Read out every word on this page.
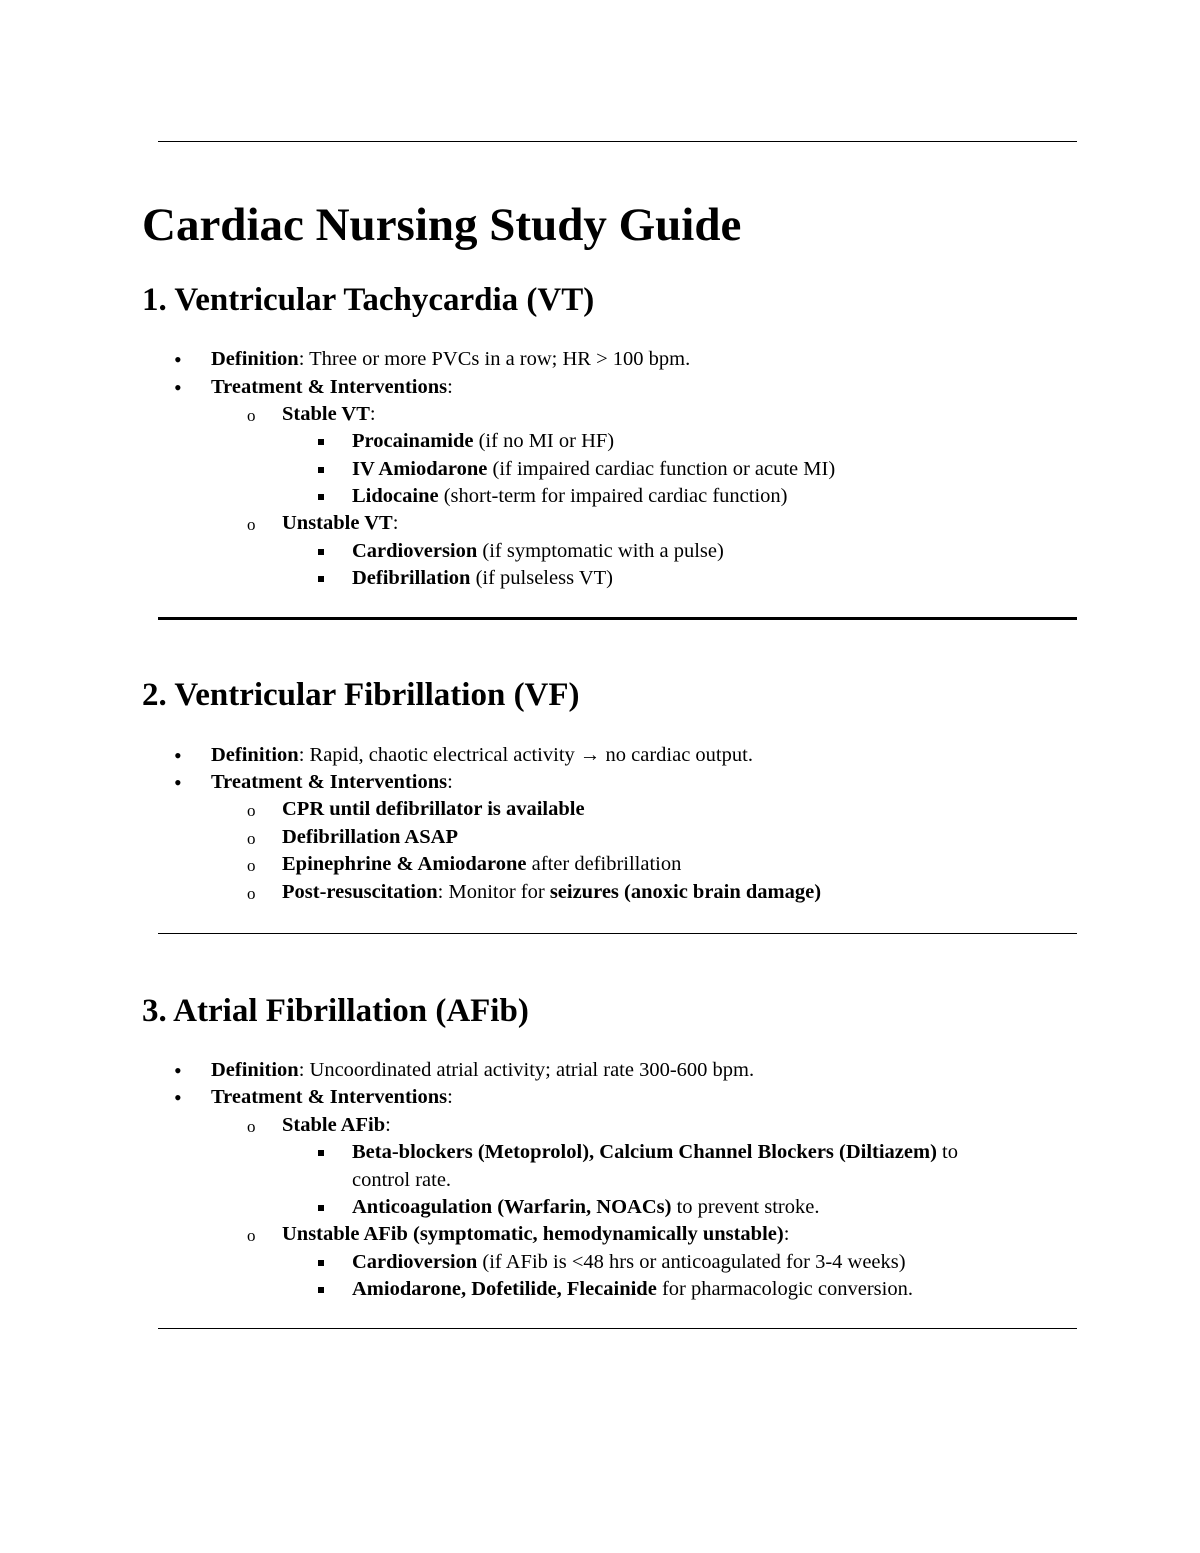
Cardiac Nursing Study Guide
1. Ventricular Tachycardia (VT)
• Definition: Three or more PVCs in a row; HR > 100 bpm.
• Treatment & Interventions:
o Stable VT:
Procainamide (if no MI or HF)
IV Amiodarone (if impaired cardiac function or acute MI)
Lidocaine (short-term for impaired cardiac function)
o Unstable VT:
Cardioversion (if symptomatic with a pulse)
Defibrillation (if pulseless VT)
2. Ventricular Fibrillation (VF)
• Definition: Rapid, chaotic electrical activity → no cardiac output.
• Treatment & Interventions:
o CPR until defibrillator is available
o Defibrillation ASAP
o Epinephrine & Amiodarone after defibrillation
o Post-resuscitation: Monitor for seizures (anoxic brain damage)
3. Atrial Fibrillation (AFib)
• Definition: Uncoordinated atrial activity; atrial rate 300-600 bpm.
• Treatment & Interventions:
o Stable AFib:
Beta-blockers (Metoprolol), Calcium Channel Blockers (Diltiazem) to
control rate.
Anticoagulation (Warfarin, NOACs) to prevent stroke.
o Unstable AFib (symptomatic, hemodynamically unstable):
Cardioversion (if AFib is <48 hrs or anticoagulated for 3-4 weeks)
Amiodarone, Dofetilide, Flecainide for pharmacologic conversion.
